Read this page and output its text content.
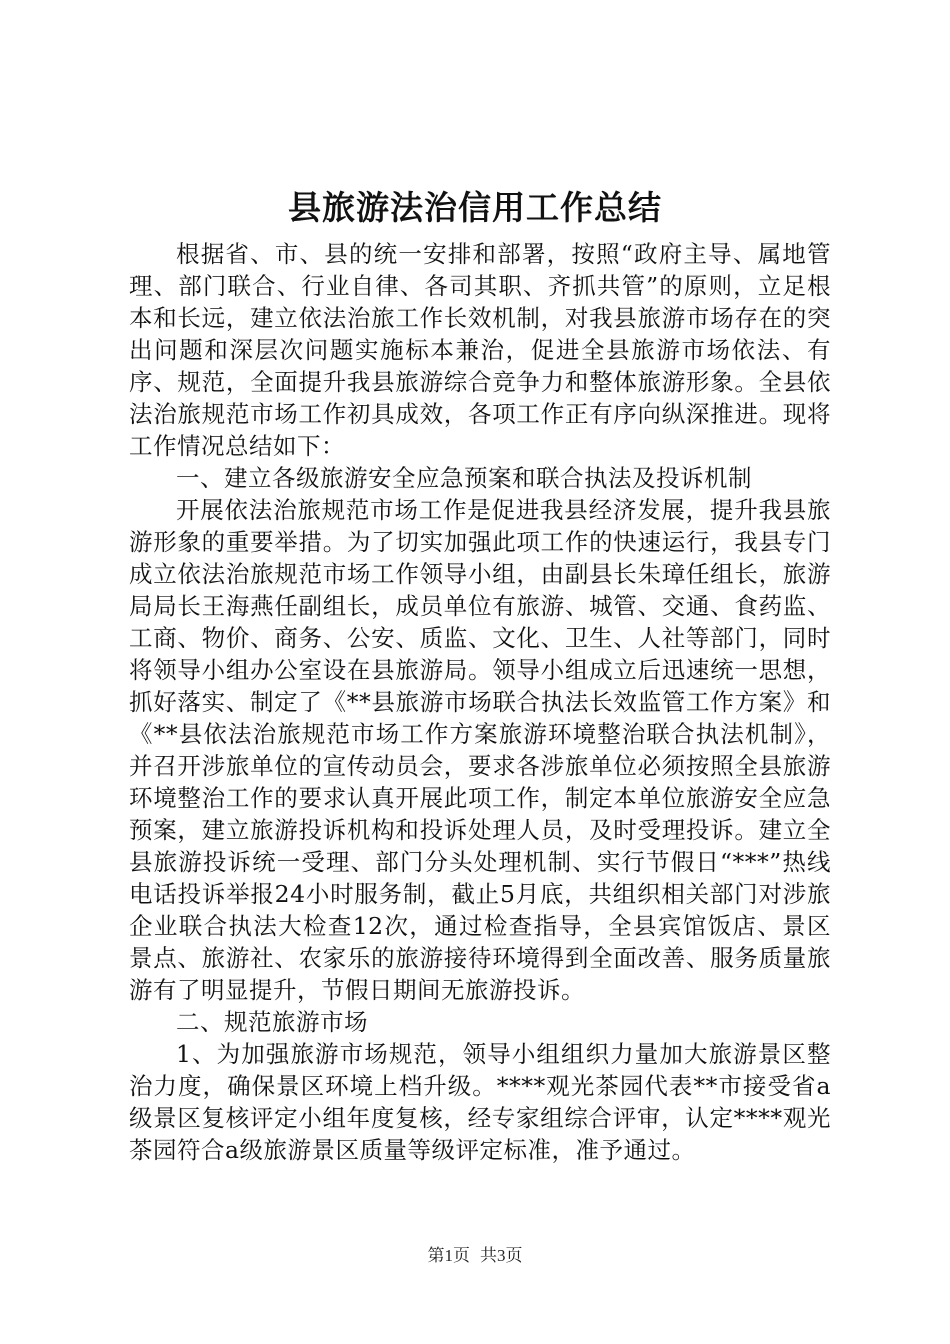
县旅游法治信用工作总结

根据省、市、县的统一安排和部署，按照“政府主导、属地管理、部门联合、行业自律、各司其职、齐抓共管”的原则，立足根本和长远，建立依法治旅工作长效机制，对我县旅游市场存在的突出问题和深层次问题实施标本兼治，促进全县旅游市场依法、有序、规范，全面提升我县旅游综合竞争力和整体旅游形象。全县依法治旅规范市场工作初具成效，各项工作正有序向纵深推进。现将工作情况总结如下：

一、建立各级旅游安全应急预案和联合执法及投诉机制

开展依法治旅规范市场工作是促进我县经济发展，提升我县旅游形象的重要举措。为了切实加强此项工作的快速运行，我县专门成立依法治旅规范市场工作领导小组，由副县长朱璋任组长，旅游局局长王海燕任副组长，成员单位有旅游、城管、交通、食药监、工商、物价、商务、公安、质监、文化、卫生、人社等部门，同时将领导小组办公室设在县旅游局。领导小组成立后迅速统一思想，抓好落实、制定了《**县旅游市场联合执法长效监管工作方案》和《**县依法治旅规范市场工作方案旅游环境整治联合执法机制》，并召开涉旅单位的宣传动员会，要求各涉旅单位必须按照全县旅游环境整治工作的要求认真开展此项工作，制定本单位旅游安全应急预案，建立旅游投诉机构和投诉处理人员，及时受理投诉。建立全县旅游投诉统一受理、部门分头处理机制、实行节假日“***”热线电话投诉举报24小时服务制，截止5月底，共组织相关部门对涉旅企业联合执法大检查12次，通过检查指导，全县宾馆饭店、景区景点、旅游社、农家乐的旅游接待环境得到全面改善、服务质量旅游有了明显提升，节假日期间无旅游投诉。

二、规范旅游市场

1、为加强旅游市场规范，领导小组组织力量加大旅游景区整治力度，确保景区环境上档升级。****观光茶园代表**市接受省a级景区复核评定小组年度复核，经专家组综合评审，认定****观光茶园符合a级旅游景区质量等级评定标准，准予通过。

第1页 共3页
